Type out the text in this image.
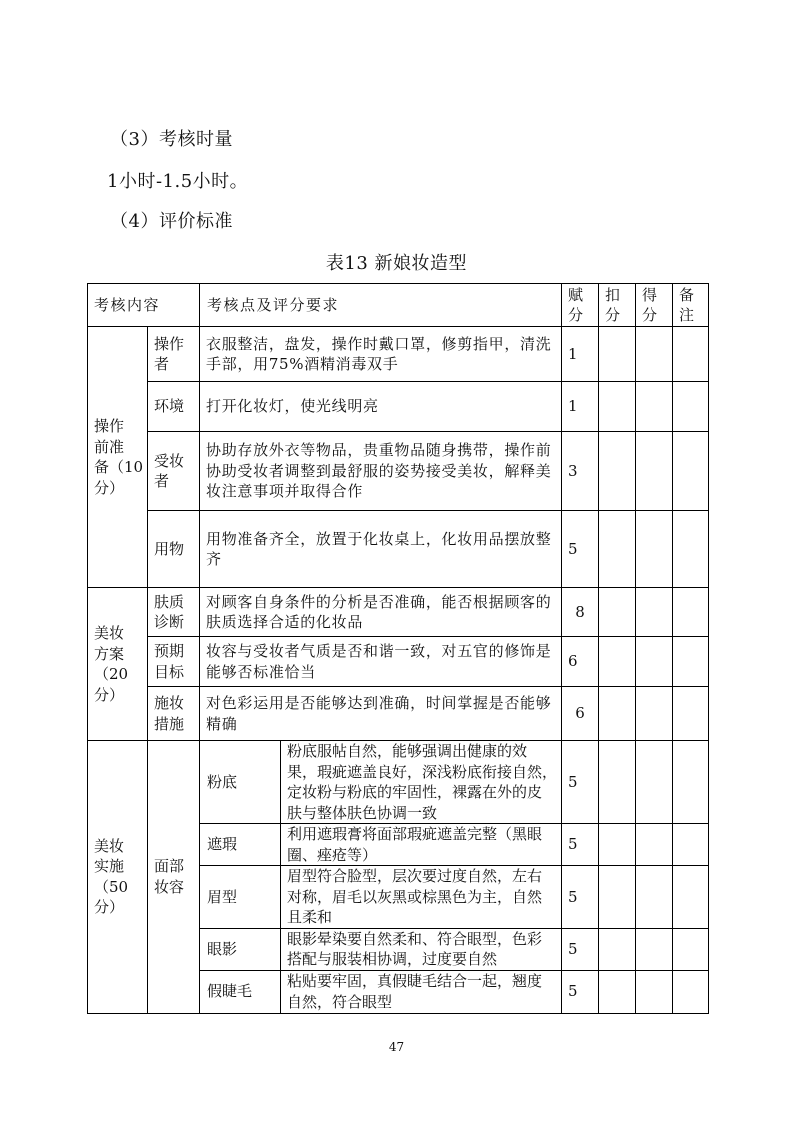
（3）考核时量
1小时-1.5小时。
（4）评价标准
表13 新娘妆造型
考核内容		考核点及评分要求		赋
分	扣
分	得
分	备
注

操作
前准
备（10
分）	操作
者	衣服整洁，盘发，操作时戴口罩，修剪指甲，清洗
手部，用75%酒精消毒双手		1			

	环境	打开化妆灯，使光线明亮		1			

	受妆
者	协助存放外衣等物品，贵重物品随身携带，操作前
协助受妆者调整到最舒服的姿势接受美妆，解释美
妆注意事项并取得合作		3			

	用物	用物准备齐全，放置于化妆桌上，化妆用品摆放整
齐		5			

美妆
方案
（20
分）	肤质
诊断	对顾客自身条件的分析是否准确，能否根据顾客的
肤质选择合适的化妆品		8			

	预期
目标	妆容与受妆者气质是否和谐一致，对五官的修饰是
能够否标准恰当		6			

	施妆
措施	对色彩运用是否能够达到准确，时间掌握是否能够
精确		6			

美妆
实施
（50
分）	面部
妆容	粉底	粉底服帖自然，能够强调出健康的效
果，瑕疵遮盖良好，深浅粉底衔接自然，
定妆粉与粉底的牢固性，裸露在外的皮
肤与整体肤色协调一致	5			

		遮瑕	利用遮瑕膏将面部瑕疵遮盖完整（黑眼
圈、痤疮等）	5			

		眉型	眉型符合脸型，层次要过度自然，左右
对称，眉毛以灰黑或棕黑色为主，自然
且柔和	5			

		眼影	眼影晕染要自然柔和、符合眼型，色彩
搭配与服装相协调，过度要自然	5			

		假睫毛	粘贴要牢固，真假睫毛结合一起，翘度
自然，符合眼型	5			
47
